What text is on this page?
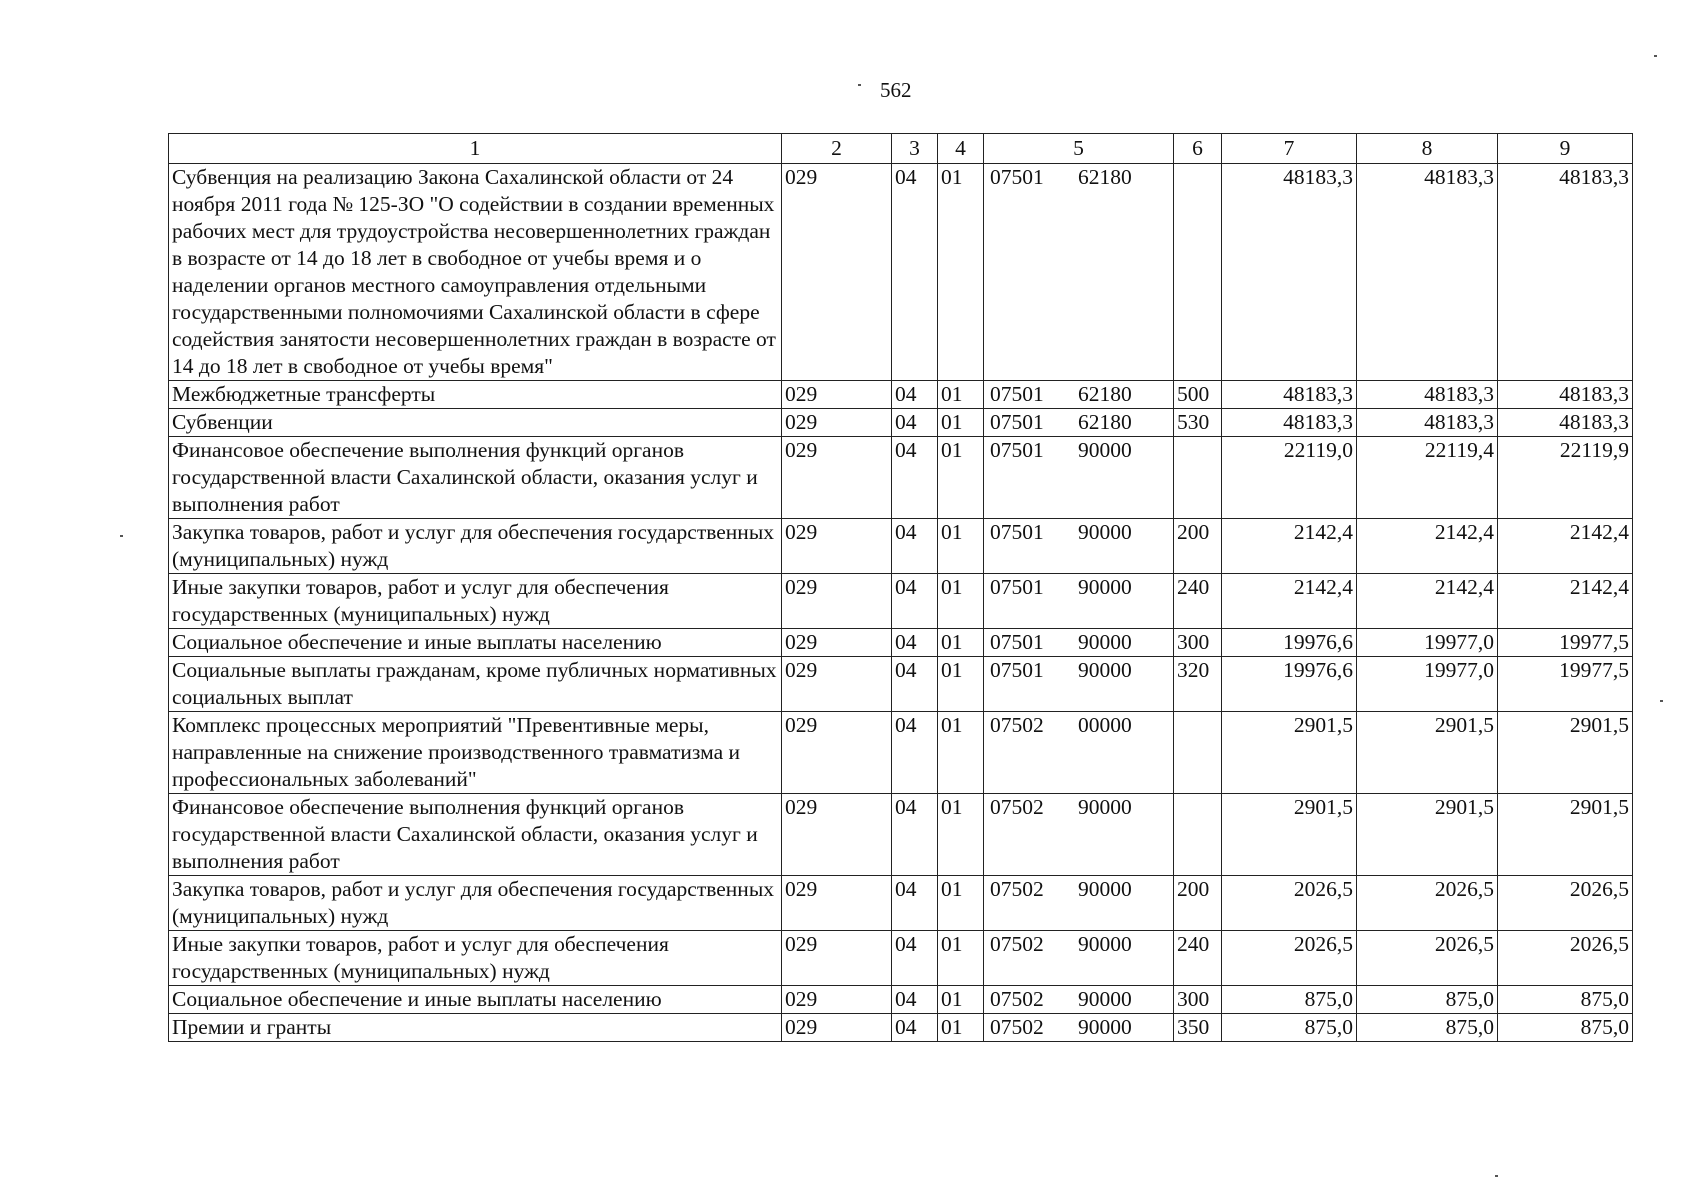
562
1	2	3	4	5	6	7	8	9
Субвенция на реализацию Закона Сахалинской области от 24 ноября 2011 года № 125-ЗО "О содействии в создании временных рабочих мест для трудоустройства несовершеннолетних граждан в возрасте от 14 до 18 лет в свободное от учебы время и о наделении органов местного самоуправления отдельными государственными полномочиями Сахалинской области в сфере содействия занятости несовершеннолетних граждан в возрасте от 14 до 18 лет в свободное от учебы время"	029	04	01	07501 62180		48183,3	48183,3	48183,3
Межбюджетные трансферты	029	04	01	07501 62180	500	48183,3	48183,3	48183,3
Субвенции	029	04	01	07501 62180	530	48183,3	48183,3	48183,3
Финансовое обеспечение выполнения функций органов государственной власти Сахалинской области, оказания услуг и выполнения работ	029	04	01	07501 90000		22119,0	22119,4	22119,9
Закупка товаров, работ и услуг для обеспечения государственных (муниципальных) нужд	029	04	01	07501 90000	200	2142,4	2142,4	2142,4
Иные закупки товаров, работ и услуг для обеспечения государственных (муниципальных) нужд	029	04	01	07501 90000	240	2142,4	2142,4	2142,4
Социальное обеспечение и иные выплаты населению	029	04	01	07501 90000	300	19976,6	19977,0	19977,5
Социальные выплаты гражданам, кроме публичных нормативных социальных выплат	029	04	01	07501 90000	320	19976,6	19977,0	19977,5
Комплекс процессных мероприятий "Превентивные меры, направленные на снижение производственного травматизма и профессиональных заболеваний"	029	04	01	07502 00000		2901,5	2901,5	2901,5
Финансовое обеспечение выполнения функций органов государственной власти Сахалинской области, оказания услуг и выполнения работ	029	04	01	07502 90000		2901,5	2901,5	2901,5
Закупка товаров, работ и услуг для обеспечения государственных (муниципальных) нужд	029	04	01	07502 90000	200	2026,5	2026,5	2026,5
Иные закупки товаров, работ и услуг для обеспечения государственных (муниципальных) нужд	029	04	01	07502 90000	240	2026,5	2026,5	2026,5
Социальное обеспечение и иные выплаты населению	029	04	01	07502 90000	300	875,0	875,0	875,0
Премии и гранты	029	04	01	07502 90000	350	875,0	875,0	875,0
